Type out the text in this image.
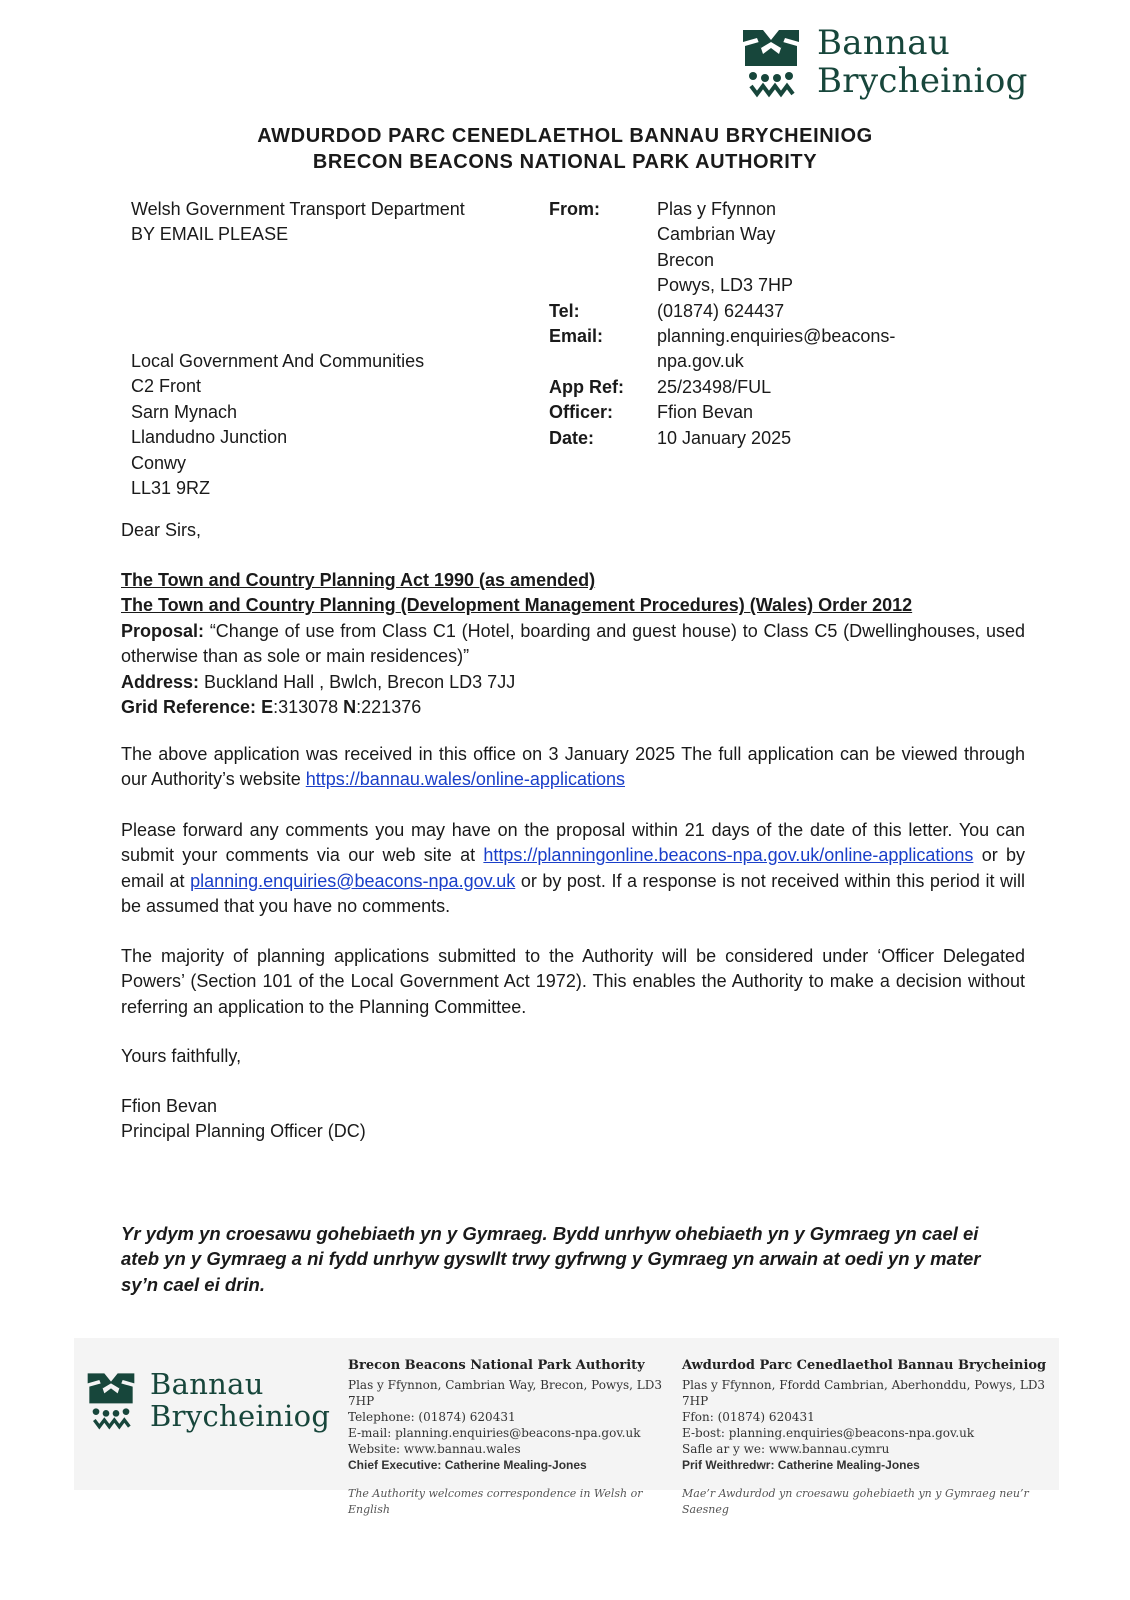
Bannau
Brycheiniog
AWDURDOD PARC CENEDLAETHOL BANNAU BRYCHEINIOG
BRECON BEACONS NATIONAL PARK AUTHORITY
Welsh Government Transport Department
BY EMAIL PLEASE
Local Government And Communities
C2 Front
Sarn Mynach
Llandudno Junction
Conwy
LL31 9RZ
From:
Tel:
Email:
App Ref:
Officer:
Date:
Plas y Ffynnon
Cambrian Way
Brecon
Powys, LD3 7HP
(01874) 624437
planning.enquiries@beacons-
npa.gov.uk
25/23498/FUL
Ffion Bevan
10 January 2025
Dear Sirs,
The Town and Country Planning Act 1990 (as amended)
The Town and Country Planning (Development Management Procedures) (Wales) Order 2012
Proposal: “Change of use from Class C1 (Hotel, boarding and guest house) to Class C5 (Dwellinghouses, used otherwise than as sole or main residences)”
Address: Buckland Hall , Bwlch, Brecon LD3 7JJ
Grid Reference: E:313078 N:221376
The above application was received in this office on 3 January 2025 The full application can be viewed through our Authority’s website https://bannau.wales/online-applications
Please forward any comments you may have on the proposal within 21 days of the date of this letter. You can submit your comments via our web site at https://planningonline.beacons-npa.gov.uk/online-applications or by email at planning.enquiries@beacons-npa.gov.uk or by post. If a response is not received within this period it will be assumed that you have no comments.
The majority of planning applications submitted to the Authority will be considered under ‘Officer Delegated Powers’ (Section 101 of the Local Government Act 1972). This enables the Authority to make a decision without referring an application to the Planning Committee.
Yours faithfully,
Ffion Bevan
Principal Planning Officer (DC)
Yr ydym yn croesawu gohebiaeth yn y Gymraeg. Bydd unrhyw ohebiaeth yn y Gymraeg yn cael ei ateb yn y Gymraeg a ni fydd unrhyw gyswllt trwy gyfrwng y Gymraeg yn arwain at oedi yn y mater sy’n cael ei drin.
Bannau
Brycheiniog
Brecon Beacons National Park Authority
Plas y Ffynnon, Cambrian Way, Brecon, Powys, LD3 7HP
Telephone: (01874) 620431
E-mail: planning.enquiries@beacons-npa.gov.uk
Website: www.bannau.wales
Chief Executive: Catherine Mealing-Jones
The Authority welcomes correspondence in Welsh or English
Awdurdod Parc Cenedlaethol Bannau Brycheiniog
Plas y Ffynnon, Ffordd Cambrian, Aberhonddu, Powys, LD3 7HP
Ffon: (01874) 620431
E-bost: planning.enquiries@beacons-npa.gov.uk
Safle ar y we: www.bannau.cymru
Prif Weithredwr: Catherine Mealing-Jones
Mae’r Awdurdod yn croesawu gohebiaeth yn y Gymraeg neu’r Saesneg
